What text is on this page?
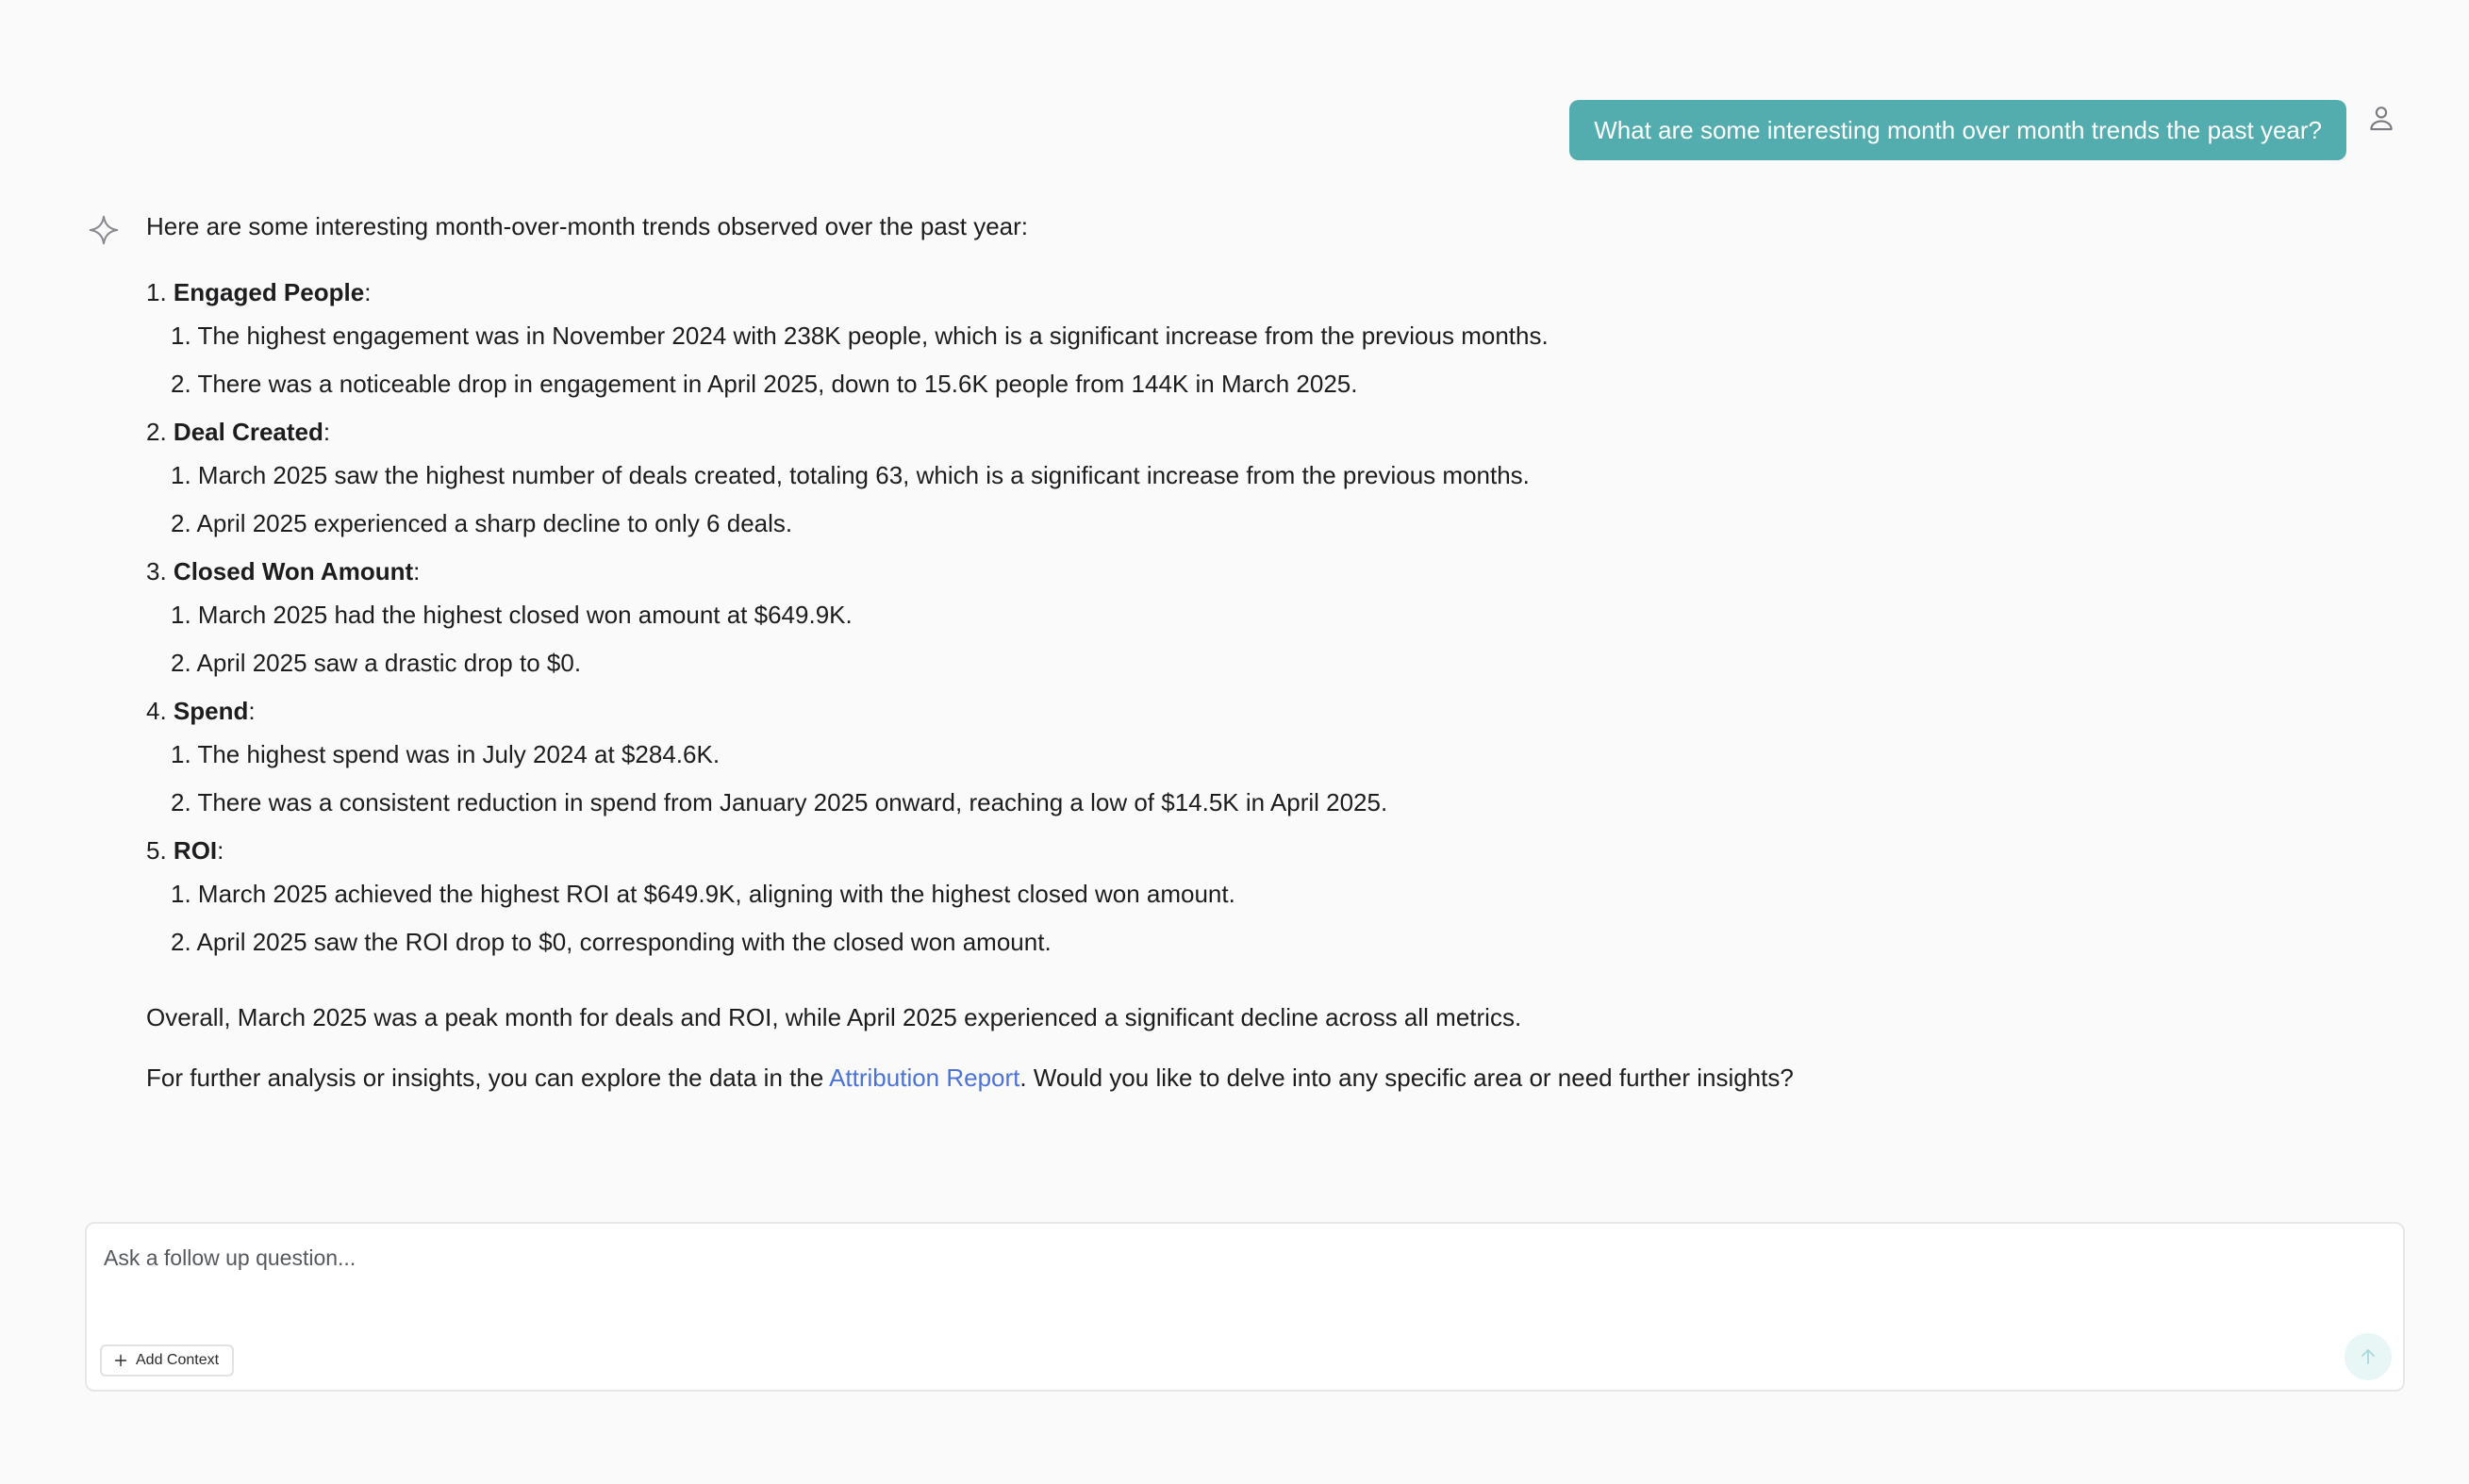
What are some interesting month over month trends the past year?

Here are some interesting month-over-month trends observed over the past year:

1. Engaged People:
1. The highest engagement was in November 2024 with 238K people, which is a significant increase from the previous months.
2. There was a noticeable drop in engagement in April 2025, down to 15.6K people from 144K in March 2025.
2. Deal Created:
1. March 2025 saw the highest number of deals created, totaling 63, which is a significant increase from the previous months.
2. April 2025 experienced a sharp decline to only 6 deals.
3. Closed Won Amount:
1. March 2025 had the highest closed won amount at $649.9K.
2. April 2025 saw a drastic drop to $0.
4. Spend:
1. The highest spend was in July 2024 at $284.6K.
2. There was a consistent reduction in spend from January 2025 onward, reaching a low of $14.5K in April 2025.
5. ROI:
1. March 2025 achieved the highest ROI at $649.9K, aligning with the highest closed won amount.
2. April 2025 saw the ROI drop to $0, corresponding with the closed won amount.

Overall, March 2025 was a peak month for deals and ROI, while April 2025 experienced a significant decline across all metrics.

For further analysis or insights, you can explore the data in the Attribution Report. Would you like to delve into any specific area or need further insights?

Ask a follow up question...
Add Context
